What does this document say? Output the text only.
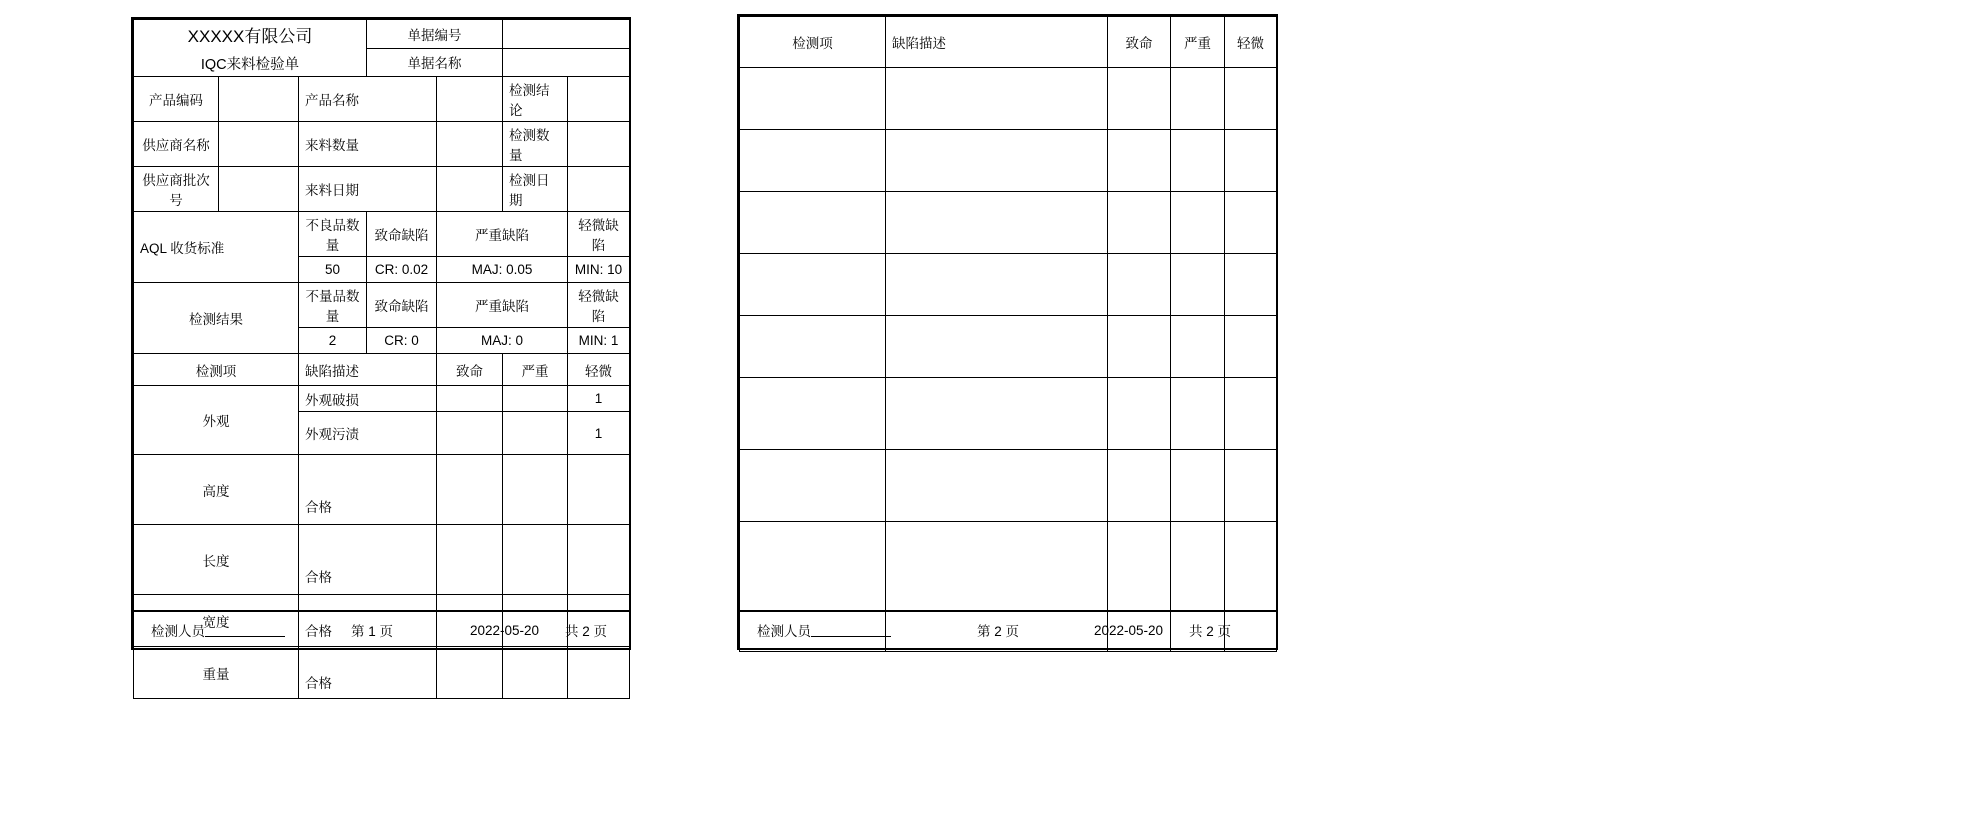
XXXXX有限公司
IQC来料检验单			单据编号			
			单据名称			
产品编码		产品名称			检测结论	
供应商名称		来料数量			检测数量	
供应商批次号		来料日期			检测日期	
AQL 收货标准		不良品数量	致命缺陷	严重缺陷		轻微缺陷
		50	CR: 0.02	MAJ: 0.05		MIN: 10
检测结果		不量品数量	致命缺陷	严重缺陷		轻微缺陷
		2	CR: 0	MAJ: 0		MIN: 1
检测项		缺陷描述		致命	严重	轻微
外观		外观破损				1
		外观污渍				1
高度		合格				
长度		合格				
宽度		合格				
重量		合格				
检测人员	第 1 页	2022-05-20 共 2 页
检测项	缺陷描述	致命	严重	轻微

检测人员	第 2 页	2022-05-20 共 2 页
